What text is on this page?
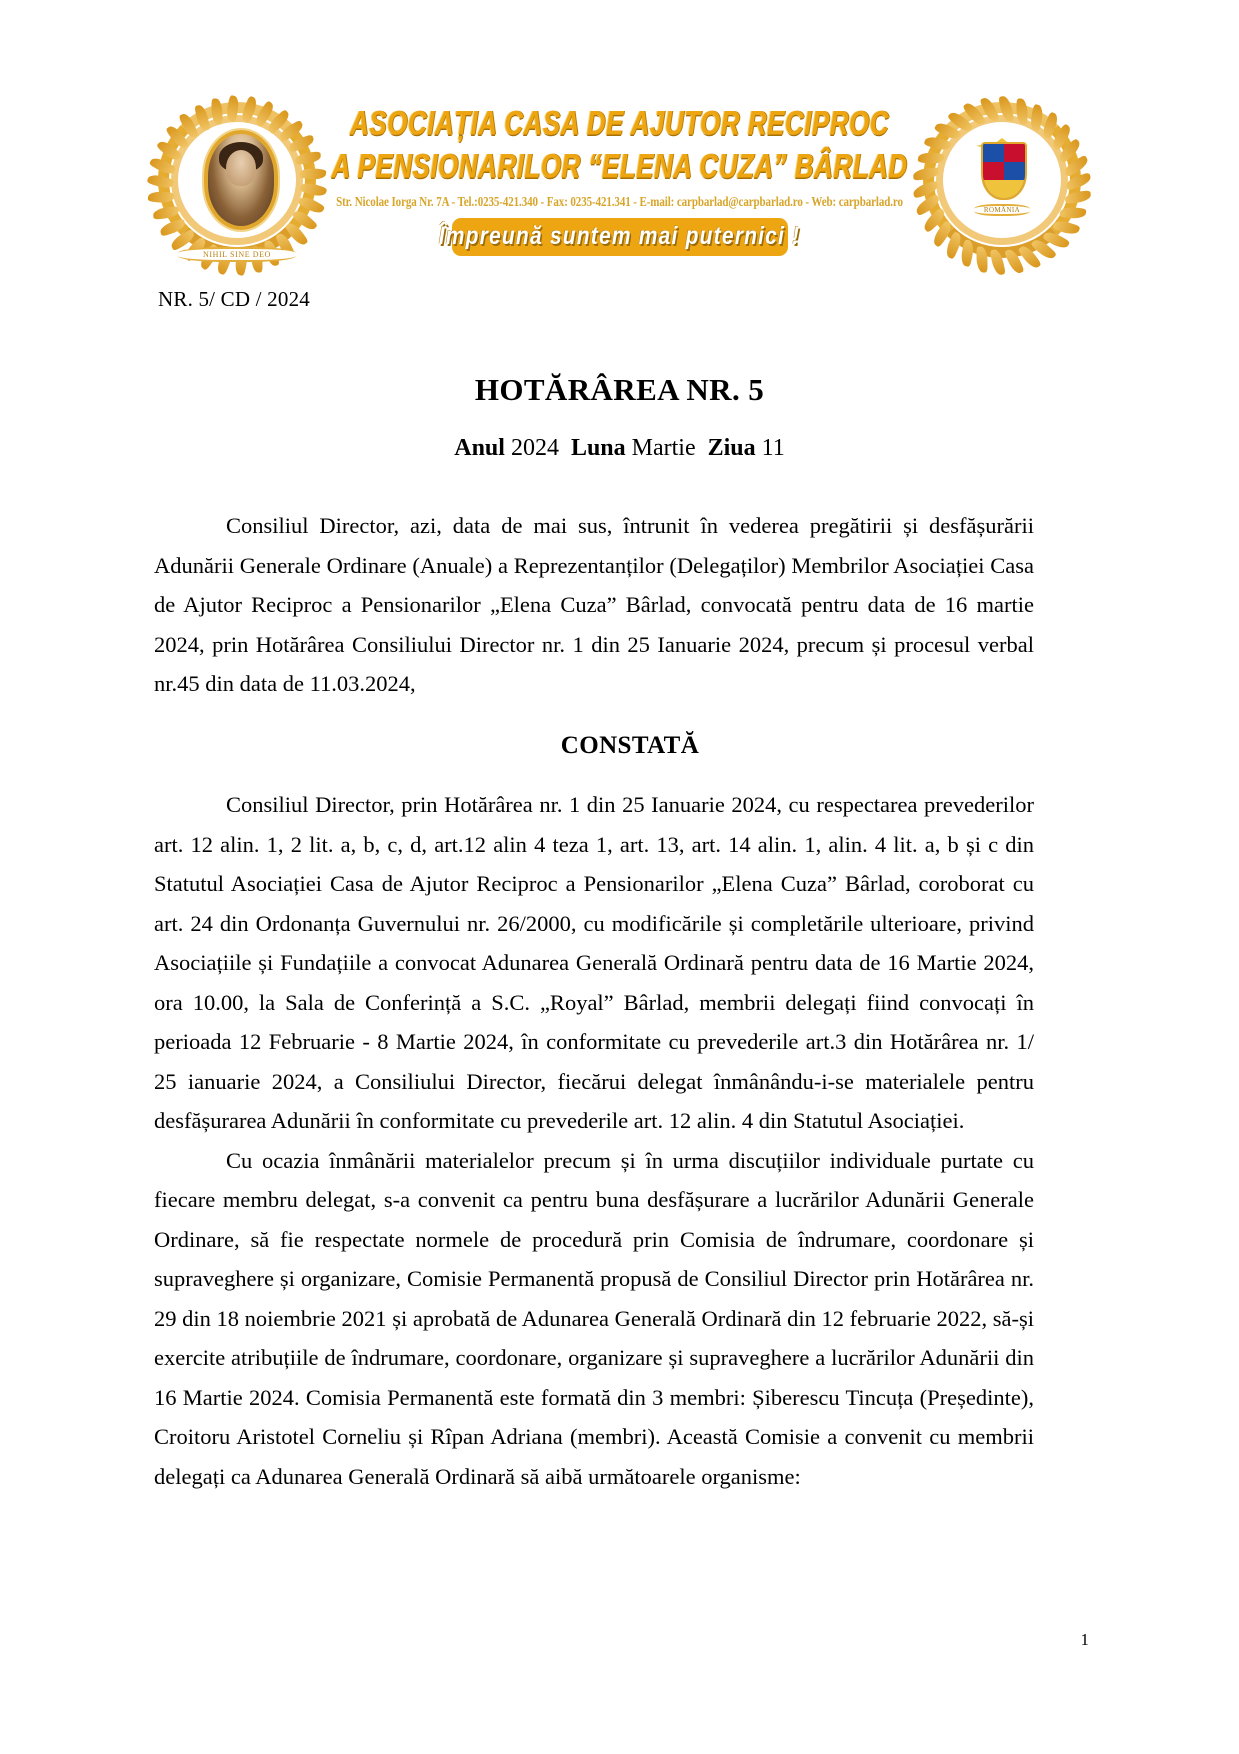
NIHIL SINE DEO
ASOCIAȚIA CASA DE AJUTOR RECIPROC
A PENSIONARILOR “ELENA CUZA” BÂRLAD
Str. Nicolae Iorga Nr. 7A - Tel.:0235-421.340 - Fax: 0235-421.341 - E-mail: carpbarlad@carpbarlad.ro - Web: carpbarlad.ro
Împreună suntem mai puternici !
ROMÂNIA
NR. 5/ CD / 2024
HOTĂRÂREA NR. 5
Anul 2024 Luna Martie Ziua 11

Consiliul Director, azi, data de mai sus, întrunit în vederea pregătirii și desfășurării Adunării Generale Ordinare (Anuale) a Reprezentanților (Delegaților) Membrilor Asociației Casa de Ajutor Reciproc a Pensionarilor „Elena Cuza” Bârlad, convocată pentru data de 16 martie 2024, prin Hotărârea Consiliului Director nr. 1 din 25 Ianuarie 2024, precum și procesul verbal nr.45 din data de 11.03.2024,

CONSTATĂ

Consiliul Director, prin Hotărârea nr. 1 din 25 Ianuarie 2024, cu respectarea prevederilor art. 12 alin. 1, 2 lit. a, b, c, d, art.12 alin 4 teza 1, art. 13, art. 14 alin. 1, alin. 4 lit. a, b și c din Statutul Asociației Casa de Ajutor Reciproc a Pensionarilor „Elena Cuza” Bârlad, coroborat cu art. 24 din Ordonanța Guvernului nr. 26/2000, cu modificările și completările ulterioare, privind Asociațiile și Fundațiile a convocat Adunarea Generală Ordinară pentru data de 16 Martie 2024, ora 10.00, la Sala de Conferință a S.C. „Royal” Bârlad, membrii delegați fiind convocați în perioada 12 Februarie - 8 Martie 2024, în conformitate cu prevederile art.3 din Hotărârea nr. 1/ 25 ianuarie 2024, a Consiliului Director, fiecărui delegat înmânându-i-se materialele pentru desfășurarea Adunării în conformitate cu prevederile art. 12 alin. 4 din Statutul Asociației.

Cu ocazia înmânării materialelor precum și în urma discuțiilor individuale purtate cu fiecare membru delegat, s-a convenit ca pentru buna desfășurare a lucrărilor Adunării Generale Ordinare, să fie respectate normele de procedură prin Comisia de îndrumare, coordonare și supraveghere și organizare, Comisie Permanentă propusă de Consiliul Director prin Hotărârea nr. 29 din 18 noiembrie 2021 și aprobată de Adunarea Generală Ordinară din 12 februarie 2022, să-și exercite atribuțiile de îndrumare, coordonare, organizare și supraveghere a lucrărilor Adunării din 16 Martie 2024. Comisia Permanentă este formată din 3 membri: Șiberescu Tincuța (Președinte), Croitoru Aristotel Corneliu și Rîpan Adriana (membri). Această Comisie a convenit cu membrii delegați ca Adunarea Generală Ordinară să aibă următoarele organisme:

1
